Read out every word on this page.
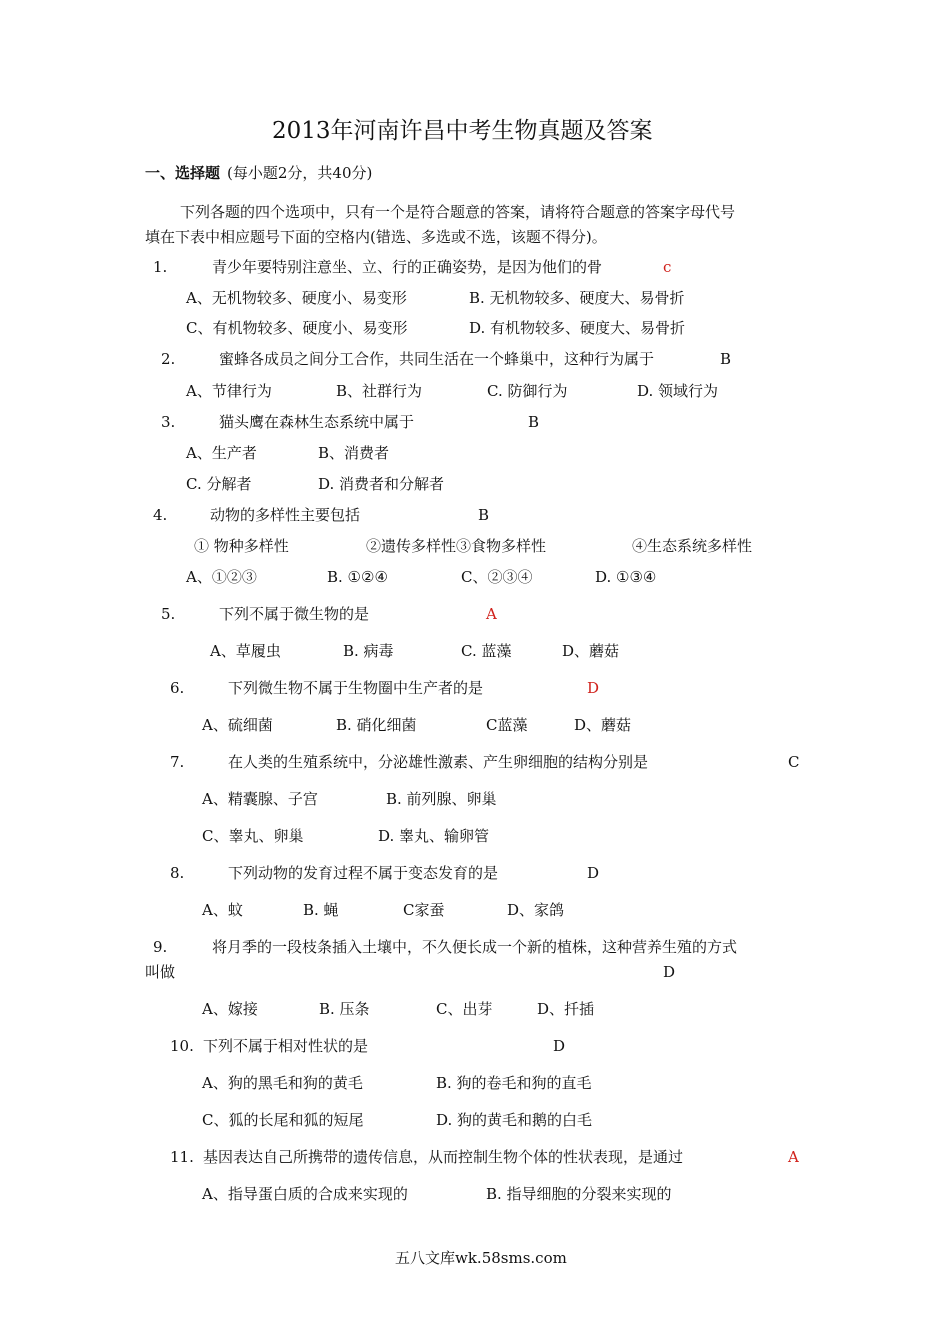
2013年河南许昌中考生物真题及答案
一、选择题 (每小题2分，共40分)
下列各题的四个选项中，只有一个是符合题意的答案，请将符合题意的答案字母代号
填在下表中相应题号下面的空格内(错选、多选或不选，该题不得分)。
1.	青少年要特别注意坐、立、行的正确姿势，是因为他们的骨	c
A、无机物较多、硬度小、易变形	B. 无机物较多、硬度大、易骨折
C、有机物较多、硬度小、易变形	D. 有机物较多、硬度大、易骨折
2.	蜜蜂各成员之间分工合作，共同生活在一个蜂巢中，这种行为属于	B
A、节律行为	B、社群行为	C. 防御行为	D. 领域行为
3.	猫头鹰在森林生态系统中属于	B
A、生产者	B、消费者
C. 分解者	D. 消费者和分解者
4.	动物的多样性主要包括	B
① 物种多样性	②遗传多样性③食物多样性	④生态系统多样性
A、①②③	B. ①②④	C、②③④	D. ①③④
5.	下列不属于微生物的是	A
A、草履虫	B. 病毒	C. 蓝藻	D、蘑菇
6.	下列微生物不属于生物圈中生产者的是	D
A、硫细菌	B. 硝化细菌	C蓝藻	D、蘑菇
7.	在人类的生殖系统中，分泌雄性激素、产生卵细胞的结构分别是	C
A、精囊腺、子宫	B. 前列腺、卵巢
C、睾丸、卵巢	D. 睾丸、输卵管
8.	下列动物的发育过程不属于变态发育的是	D
A、蚊	B. 蝇	C家蚕	D、家鸽
9.	将月季的一段枝条插入土壤中，不久便长成一个新的植株，这种营养生殖的方式
叫做	D
A、嫁接	B. 压条	C、出芽	D、扦插
10. 下列不属于相对性状的是	D
A、狗的黑毛和狗的黄毛	B. 狗的卷毛和狗的直毛
C、狐的长尾和狐的短尾	D. 狗的黄毛和鹅的白毛
11. 基因表达自己所携带的遗传信息，从而控制生物个体的性状表现，是通过	A
A、指导蛋白质的合成来实现的	B. 指导细胞的分裂来实现的
五八文库wk.58sms.com
